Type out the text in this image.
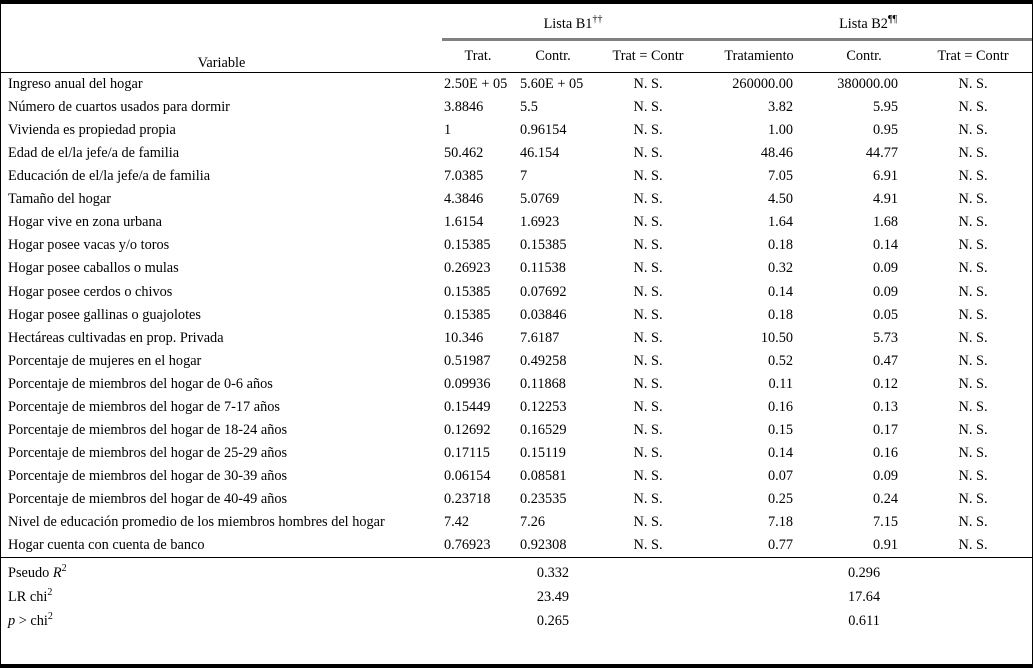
Variable	Lista B1††			Lista B2¶¶

	Trat.	Contr.	Trat = Contr	Tratamiento	Contr.	Trat = Contr
Ingreso anual del hogar	2.50E + 05	5.60E + 05	N. S.	260000.00	380000.00	N. S.
Número de cuartos usados para dormir	3.8846	5.5	N. S.	3.82	5.95	N. S.
Vivienda es propiedad propia	1	0.96154	N. S.	1.00	0.95	N. S.
Edad de el/la jefe/a de familia	50.462	46.154	N. S.	48.46	44.77	N. S.
Educación de el/la jefe/a de familia	7.0385	7	N. S.	7.05	6.91	N. S.
Tamaño del hogar	4.3846	5.0769	N. S.	4.50	4.91	N. S.
Hogar vive en zona urbana	1.6154	1.6923	N. S.	1.64	1.68	N. S.
Hogar posee vacas y/o toros	0.15385	0.15385	N. S.	0.18	0.14	N. S.
Hogar posee caballos o mulas	0.26923	0.11538	N. S.	0.32	0.09	N. S.
Hogar posee cerdos o chivos	0.15385	0.07692	N. S.	0.14	0.09	N. S.
Hogar posee gallinas o guajolotes	0.15385	0.03846	N. S.	0.18	0.05	N. S.
Hectáreas cultivadas en prop. Privada	10.346	7.6187	N. S.	10.50	5.73	N. S.
Porcentaje de mujeres en el hogar	0.51987	0.49258	N. S.	0.52	0.47	N. S.
Porcentaje de miembros del hogar de 0-6 años	0.09936	0.11868	N. S.	0.11	0.12	N. S.
Porcentaje de miembros del hogar de 7-17 años	0.15449	0.12253	N. S.	0.16	0.13	N. S.
Porcentaje de miembros del hogar de 18-24 años	0.12692	0.16529	N. S.	0.15	0.17	N. S.
Porcentaje de miembros del hogar de 25-29 años	0.17115	0.15119	N. S.	0.14	0.16	N. S.
Porcentaje de miembros del hogar de 30-39 años	0.06154	0.08581	N. S.	0.07	0.09	N. S.
Porcentaje de miembros del hogar de 40-49 años	0.23718	0.23535	N. S.	0.25	0.24	N. S.
Nivel de educación promedio de los miembros hombres del hogar	7.42	7.26	N. S.	7.18	7.15	N. S.
Hogar cuenta con cuenta de banco	0.76923	0.92308	N. S.	0.77	0.91	N. S.
Pseudo $R^2$		0.332			0.296	
LR chi$^2$		23.49			17.64	
p > chi$^2$		0.265			0.611	
